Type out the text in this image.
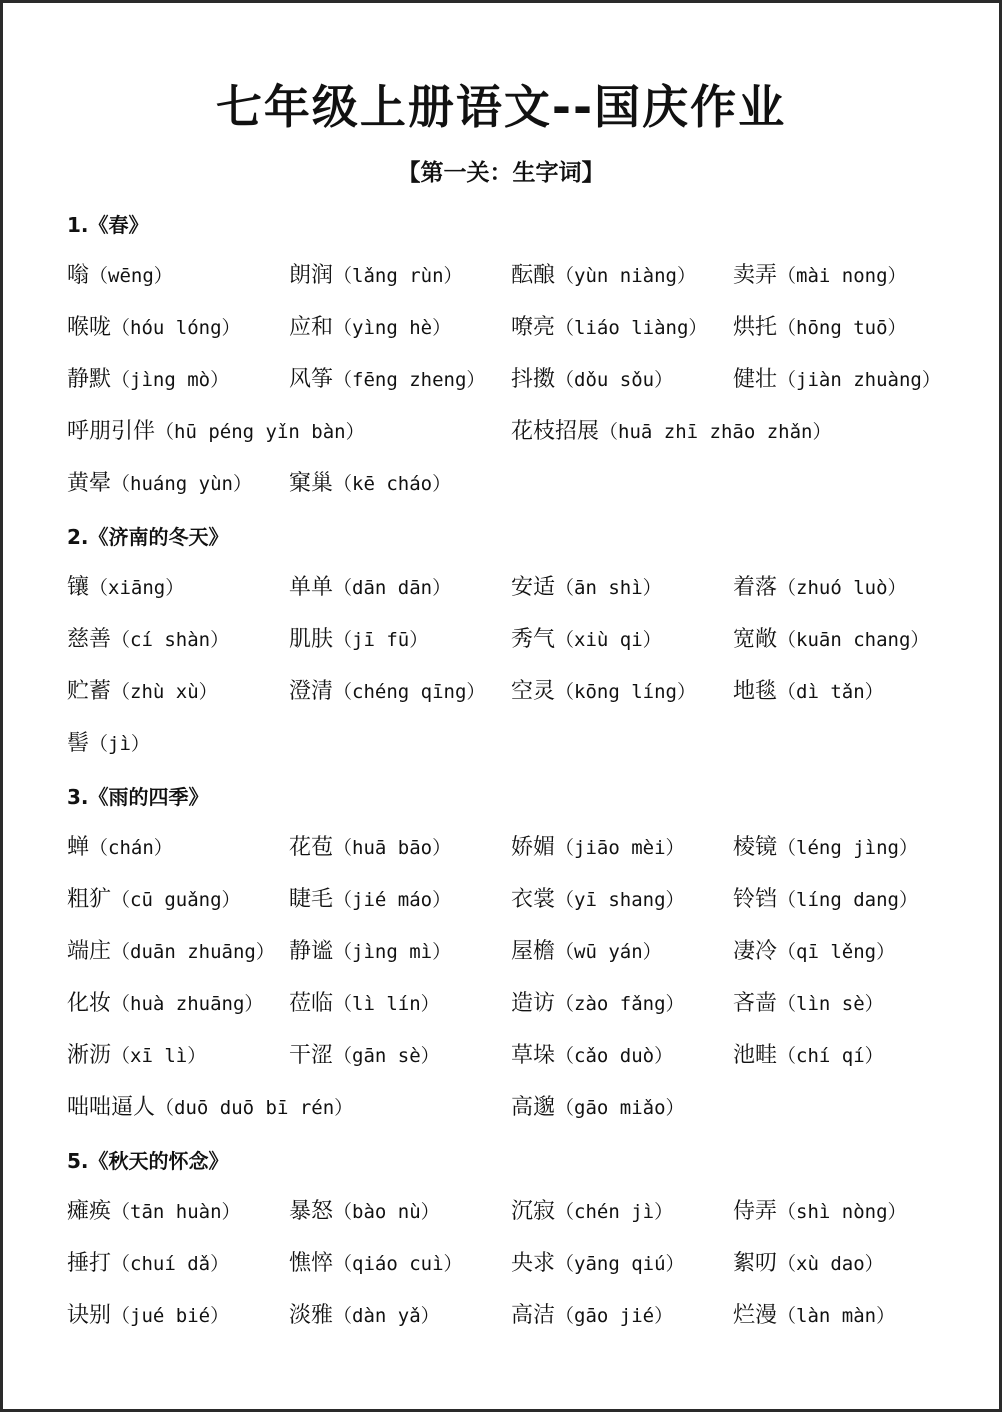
七年级上册语文--国庆作业
【第一关：生字词】
1.《春》
嗡（wēng）	朗润（lǎng rùn）	酝酿（yùn niàng）	卖弄（mài nong）
喉咙（hóu lóng）	应和（yìng hè）	嘹亮（liáo liàng）	烘托（hōng tuō）
静默（jìng mò）	风筝（fēng zheng）	抖擞（dǒu sǒu）	健壮（jiàn zhuàng）
呼朋引伴（hū péng yǐn bàn）	花枝招展（huā zhī zhāo zhǎn）
黄晕（huáng yùn）	窠巢（kē cháo）
2.《济南的冬天》
镶（xiāng）	单单（dān dān）	安适（ān shì）	着落（zhuó luò）
慈善（cí shàn）	肌肤（jī fū）	秀气（xiù qi）	宽敞（kuān chang）
贮蓄（zhù xù）	澄清（chéng qīng）	空灵（kōng líng）	地毯（dì tǎn）
髻（jì）
3.《雨的四季》
蝉（chán）	花苞（huā bāo）	娇媚（jiāo mèi）	棱镜（léng jìng）
粗犷（cū guǎng）	睫毛（jié máo）	衣裳（yī shang）	铃铛（líng dang）
端庄（duān zhuāng） 静谧（jìng mì）	屋檐（wū yán）	凄冷（qī lěng）
化妆（huà zhuāng）	莅临（lì lín）	造访（zào fǎng）	吝啬（lìn sè）
淅沥（xī lì）	干涩（gān sè）	草垛（cǎo duò）	池畦（chí qí）
咄咄逼人（duō duō bī rén）	高邈（gāo miǎo）
5.《秋天的怀念》
瘫痪（tān huàn）	暴怒（bào nù）	沉寂（chén jì）	侍弄（shì nòng）
捶打（chuí dǎ）	憔悴（qiáo cuì）	央求（yāng qiú）	絮叨（xù dao）
诀别（jué bié）	淡雅（dàn yǎ）	高洁（gāo jié）	烂漫（làn màn）
